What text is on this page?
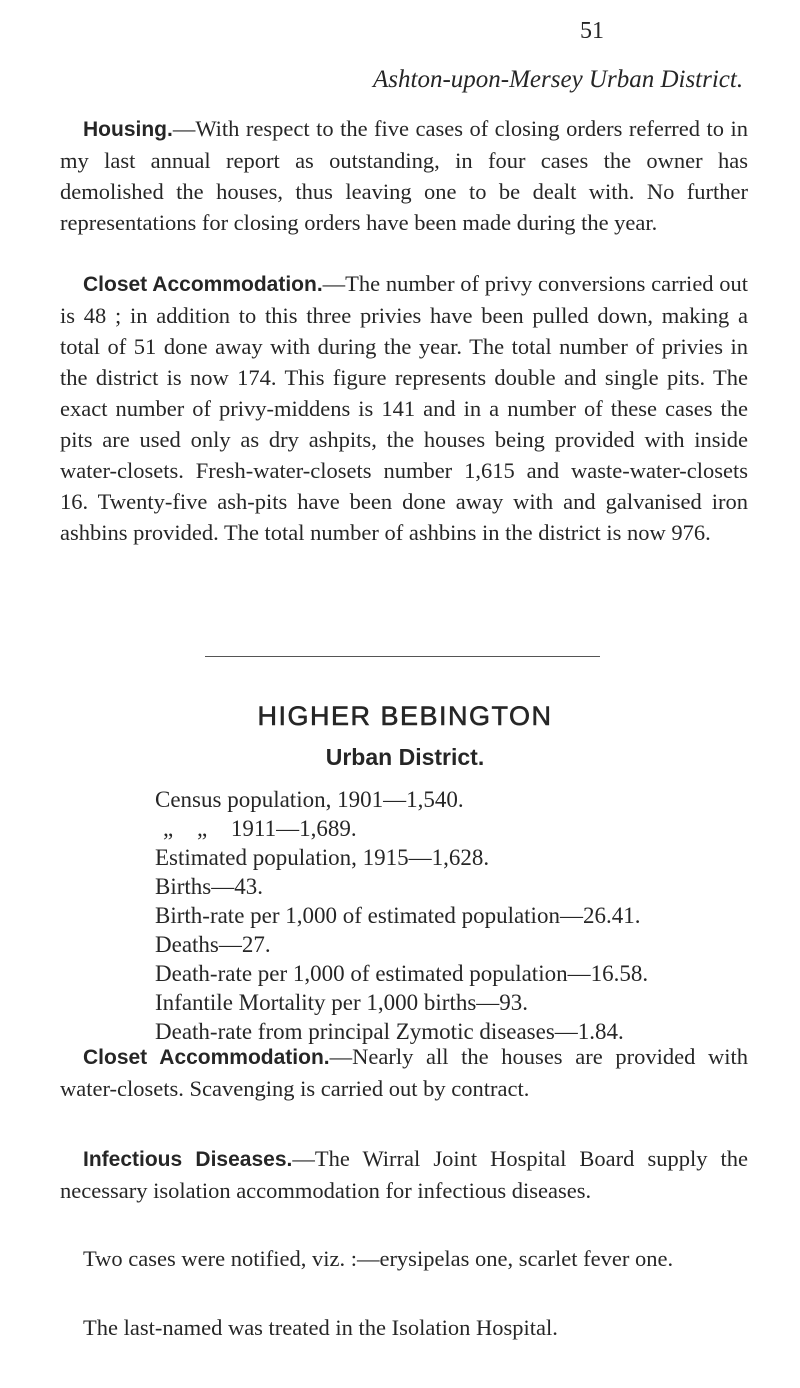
51

Ashton-upon-Mersey Urban District.

Housing.—With respect to the five cases of closing orders referred to in my last annual report as outstanding, in four cases the owner has demolished the houses, thus leaving one to be dealt with. No further representations for closing orders have been made during the year.

Closet Accommodation.—The number of privy conversions carried out is 48 ; in addition to this three privies have been pulled down, making a total of 51 done away with during the year. The total number of privies in the district is now 174. This figure represents double and single pits. The exact number of privy-middens is 141 and in a number of these cases the pits are used only as dry ashpits, the houses being provided with inside water-closets. Fresh-water-closets number 1,615 and waste-water-closets 16. Twenty-five ash-pits have been done away with and galvanised iron ashbins provided. The total number of ashbins in the district is now 976.

HIGHER BEBINGTON
Urban District.
Census population, 1901—1,540.
„ „ 1911—1,689.
Estimated population, 1915—1,628.
Births—43.
Birth-rate per 1,000 of estimated population—26.41.
Deaths—27.
Death-rate per 1,000 of estimated population—16.58.
Infantile Mortality per 1,000 births—93.
Death-rate from principal Zymotic diseases—1.84.

Closet Accommodation.—Nearly all the houses are provided with water-closets. Scavenging is carried out by contract.

Infectious Diseases.—The Wirral Joint Hospital Board supply the necessary isolation accommodation for infectious diseases.

Two cases were notified, viz. :—erysipelas one, scarlet fever one.

The last-named was treated in the Isolation Hospital.
